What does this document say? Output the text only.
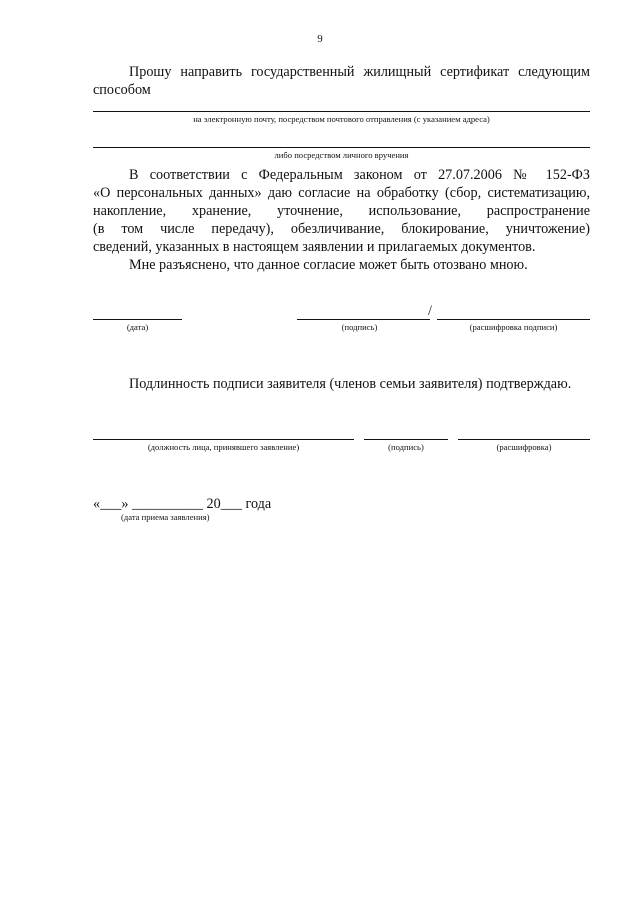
9
Прошу направить государственный жилищный сертификат следующим
способом
на электронную почту, посредством почтового отправления (с указанием адреса)
либо посредством личного вручения
В соответствии с Федеральным законом от 27.07.2006 № 152-ФЗ
«О персональных данных» даю согласие на обработку (сбор, систематизацию,
накопление, хранение, уточнение, использование, распространение
(в том числе передачу), обезличивание, блокирование, уничтожение)
сведений, указанных в настоящем заявлении и прилагаемых документов.
Мне разъяснено, что данное согласие может быть отозвано мною.
(дата)
/
(подпись)	(расшифровка подписи)
Подлинность подписи заявителя (членов семьи заявителя) подтверждаю.
(должность лица, принявшего заявление)	(подпись)	(расшифровка)
«___» __________ 20___ года
(дата приема заявления)
